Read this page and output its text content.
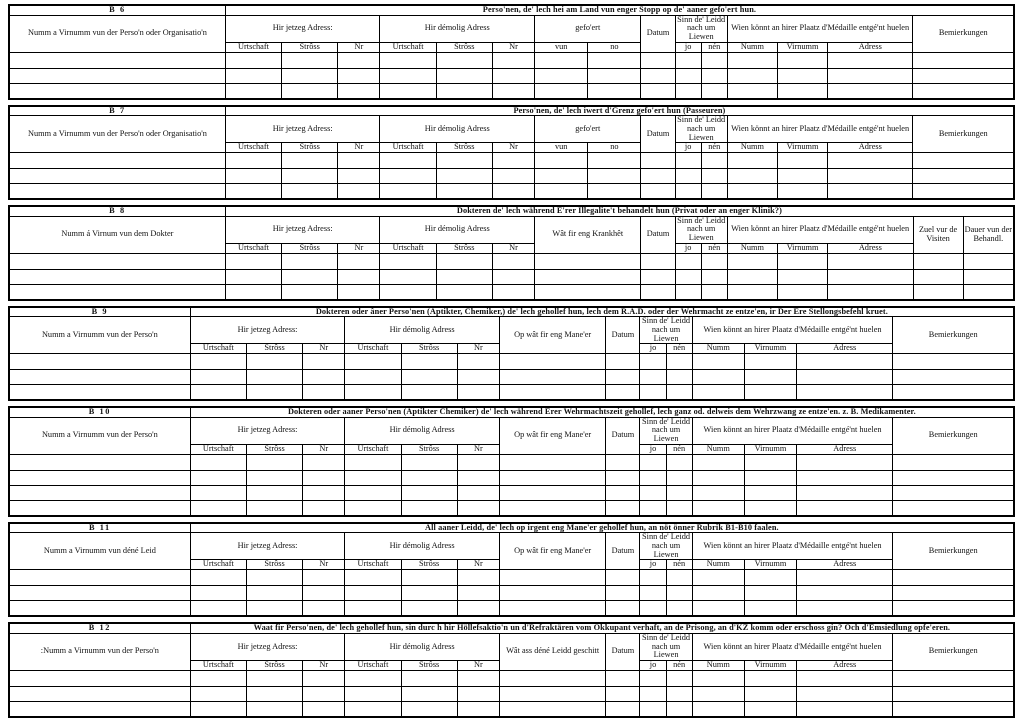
B 6	Perso'nen, de' lech hei am Land vun enger Stopp op de' aaner gefo'ert hun.														
Numm a Virnumm vun der Perso'n oder Organisatio'n	Hir jetzeg Adress:			Hir démolig Adress			gefo'ert		Datum	Sinn de' Leidd nach um Liewen		Wien könnt an hirer Plaatz d'Médaille entgé'nt huelen			Bemierkungen
	Urtschaft	Strôss	Nr	Urtschaft	Strôss	Nr	vun	no		jo	nén	Numm	Virnumm	Adress	

B 7	Perso'nen, de' lech iwert d'Grenz gefo'ert hun (Passeuren)														
Numm a Virnumm vun der Perso'n oder Organisatio'n	Hir jetzeg Adress:			Hir démolig Adress			gefo'ert		Datum	Sinn de' Leidd nach um Liewen		Wien könnt an hirer Plaatz d'Médaille entgé'nt huelen			Bemierkungen
	Urtschaft	Strôss	Nr	Urtschaft	Strôss	Nr	vun	no		jo	nén	Numm	Virnumm	Adress	

B 8	Dokteren de' lech während E'rer Illegalite't behandelt hun (Privat oder an enger Klinik?)														
Numm á Virnum vun dem Dokter	Hir jetzeg Adress:			Hir démolig Adress			Wât fir eng Krankhêt	Datum	Sinn de' Leidd nach um Liewen		Wien könnt an hirer Plaatz d'Médaille entgé'nt huelen			Zuel vur de Visiten	Dauer vun der Behandl.
	Urtschaft	Strôss	Nr	Urtschaft	Strôss	Nr			jo	nén	Numm	Virnumm	Adress		

B 9	Dokteren oder âner Perso'nen (Aptikter, Chemiker,) de' lech gehollef hun, lech dem R.A.D. oder der Wehrmacht ze entze'en, ir Der Ere Stellongsbefehl kruet.													
Numm a Virnumm vun der Perso'n	Hir jetzeg Adress:			Hir démolig Adress			Op wât fir eng Mane'er	Datum	Sinn de' Leidd nach um Liewen		Wien könnt an hirer Plaatz d'Médaille entgé'nt huelen			Bemierkungen
	Urtschaft	Strôss	Nr	Urtschaft	Strôss	Nr			jo	nén	Numm	Virnumm	Adress	

B 10	Dokteren oder aaner Perso'nen (Aptikter Chemiker) de' lech während Erer Wehrmachtszeit gehollef, lech ganz od. delweis dem Wehrzwang ze entze'en. z. B. Medikamenter.													
Numm a Virnumm vun der Perso'n	Hir jetzeg Adress:			Hir démolig Adress			Op wât fir eng Mane'er	Datum	Sinn de' Leidd nach um Liewen		Wien könnt an hirer Plaatz d'Médaille entgé'nt huelen			Bemierkungen
	Urtschaft	Strôss	Nr	Urtschaft	Strôss	Nr			jo	nén	Numm	Virnumm	Adress	

B 11	All aaner Leidd, de' lech op irgent eng Mane'er gehollef hun, an nöt önner Rubrik B1-B10 faalen.													
Numm a Virnumm vun déné Leid	Hir jetzeg Adress:			Hir démolig Adress			Op wât fir eng Mane'er	Datum	Sinn de' Leidd nach um Liewen		Wien könnt an hirer Plaatz d'Médaille entgé'nt huelen			Bemierkungen
	Urtschaft	Strôss	Nr	Urtschaft	Strôss	Nr			jo	nén	Numm	Virnumm	Adress	

B 12	Waat fir Perso'nen, de' lech gehollef hun, sin durc h hir Höllefsaktio'n un d'Refraktären vom Okkupant verhaft, an de Prisong, an d'KZ komm oder erschoss gin? Och d'Emsiedlung opfe'eren.													
:Numm a Virnumm vun der Perso'n	Hir jetzeg Adress:			Hir démolig Adress			Wât ass déné Leidd geschitt	Datum	Sinn de' Leidd nach um Liewen		Wien könnt an hirer Plaatz d'Médaille entgé'nt huelen			Bemierkungen
	Urtschaft	Strôss	Nr	Urtschaft	Strôss	Nr			jo	nén	Numm	Virnumm	Adress	
